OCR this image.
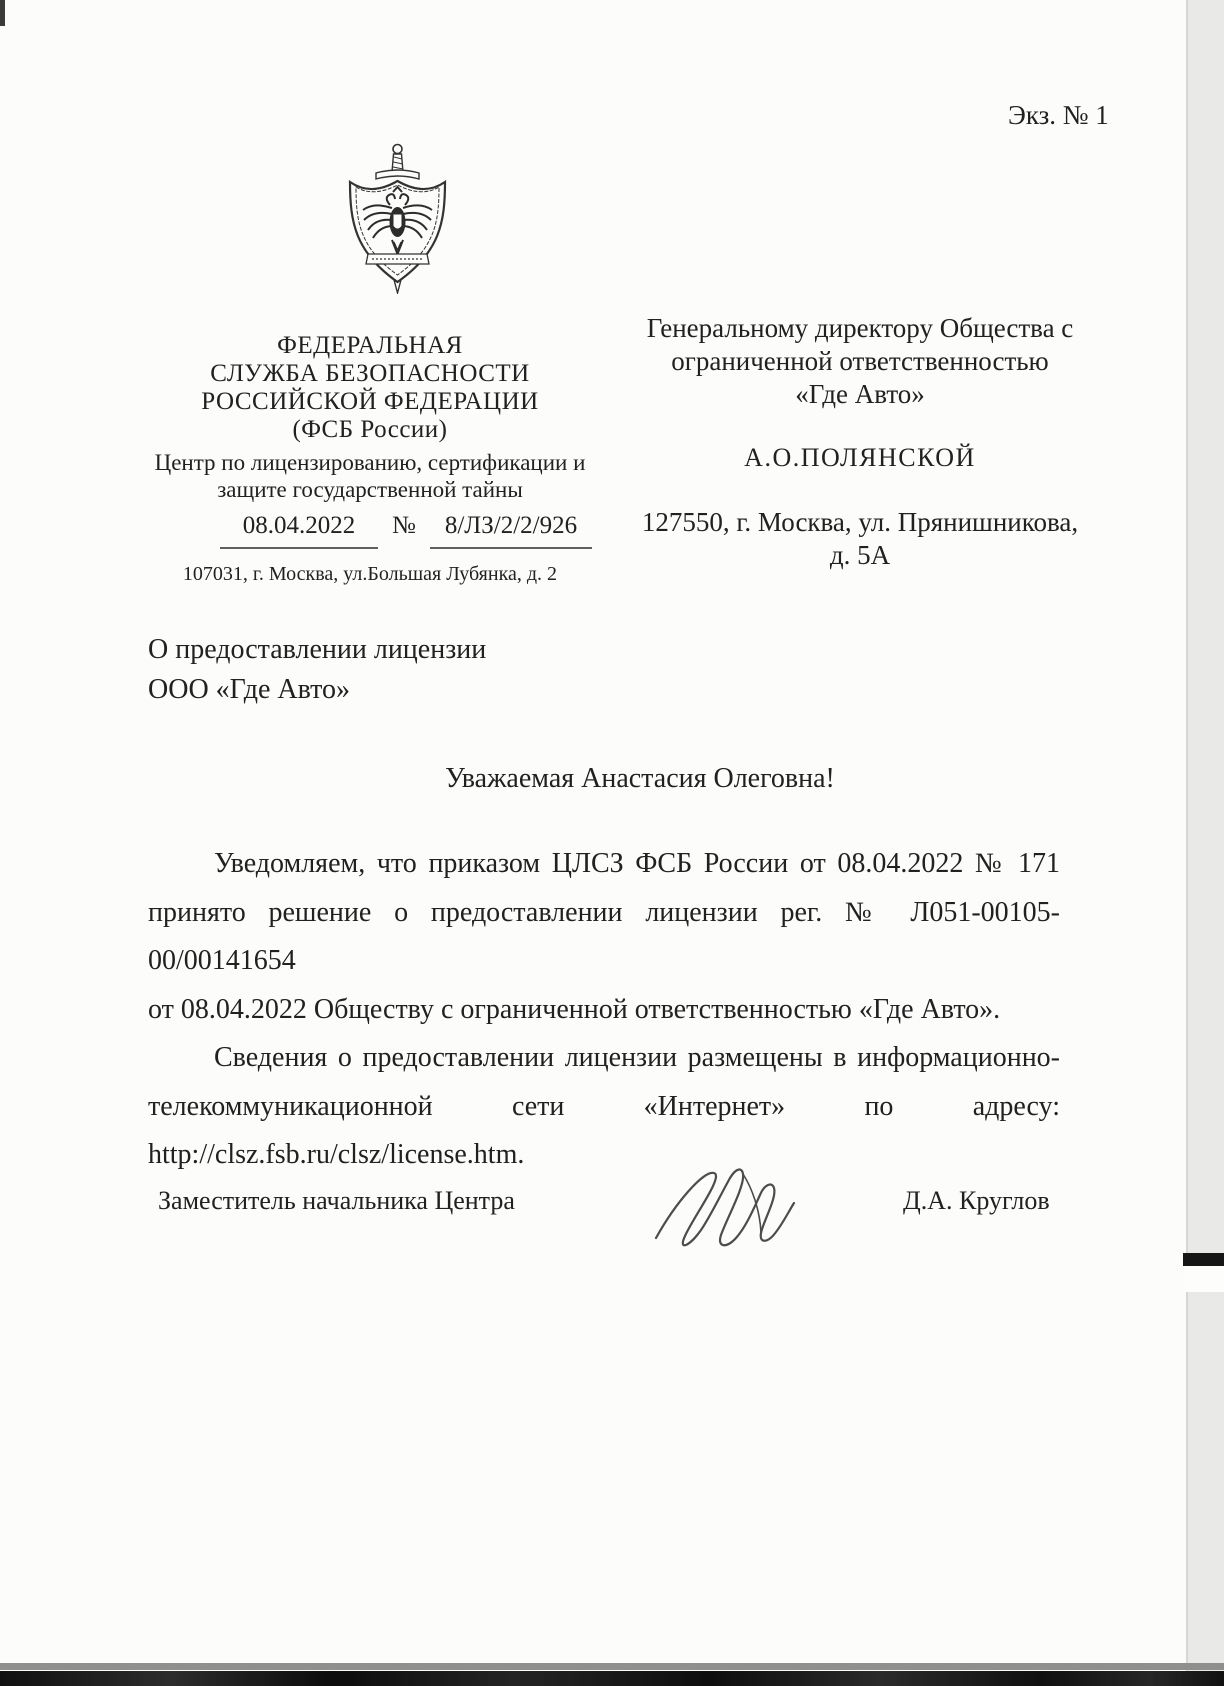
Экз. № 1
ФЕДЕРАЛЬНАЯ
СЛУЖБА БЕЗОПАСНОСТИ
РОССИЙСКОЙ ФЕДЕРАЦИИ
(ФСБ России)
Центр по лицензированию, сертификации и
защите государственной тайны
08.04.2022	№	8/ЛЗ/2/2/926
107031, г. Москва, ул.Большая Лубянка, д. 2
Генеральному директору Общества с
ограниченной ответственностью
«Где Авто»
А.О.ПОЛЯНСКОЙ
127550, г. Москва, ул. Прянишникова,
д. 5А
О предоставлении лицензии
ООО «Где Авто»
Уважаемая Анастасия Олеговна!
Уведомляем, что приказом ЦЛСЗ ФСБ России от 08.04.2022 № 171
принято решение о предоставлении лицензии рег. № Л051-00105-00/00141654
от 08.04.2022 Обществу с ограниченной ответственностью «Где Авто».
Сведения о предоставлении лицензии размещены в информационно-
телекоммуникационной сети «Интернет» по адресу:
http://clsz.fsb.ru/clsz/license.htm.
Заместитель начальника Центра	Д.А. Круглов
